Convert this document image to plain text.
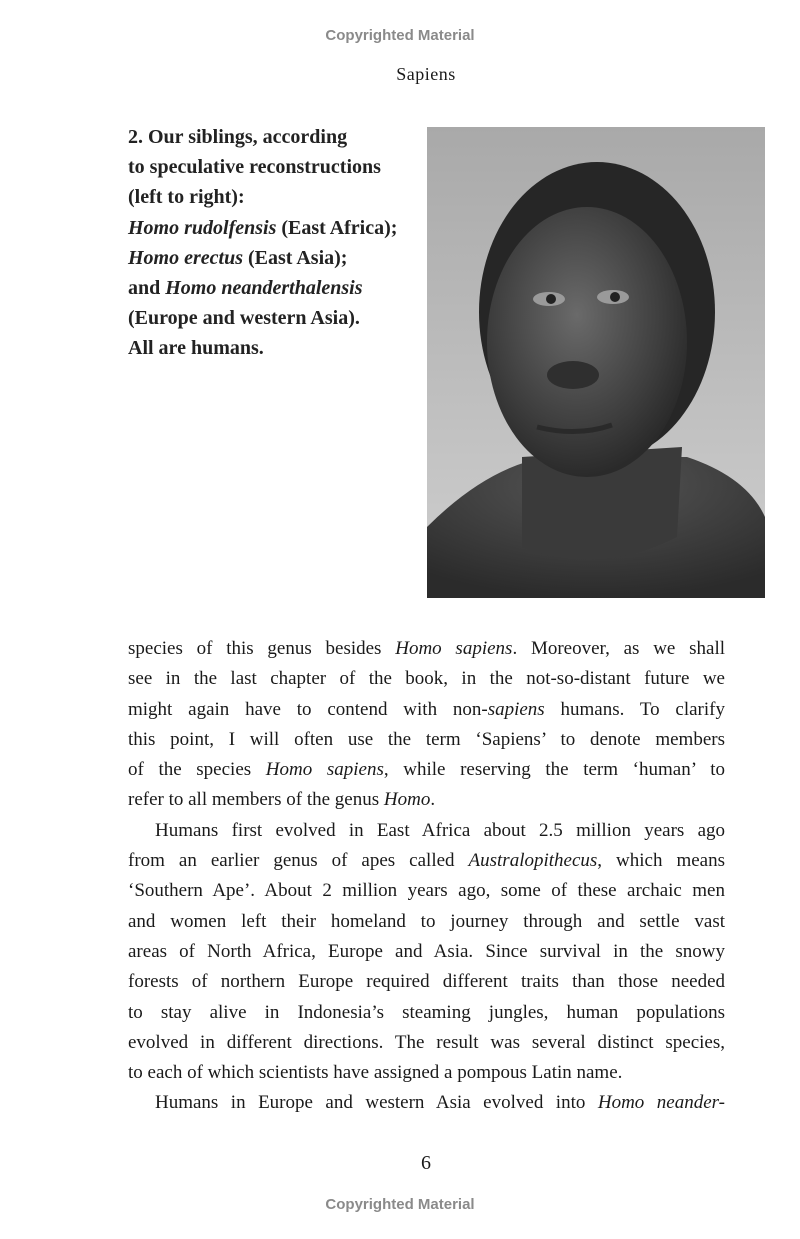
Copyrighted Material
Sapiens
2. Our siblings, according
to speculative reconstructions
(left to right):
Homo rudolfensis (East Africa);
Homo erectus (East Asia);
and Homo neanderthalensis
(Europe and western Asia).
All are humans.
species of this genus besides Homo sapiens. Moreover, as we shall
see in the last chapter of the book, in the not-so-distant future we
might again have to contend with non-sapiens humans. To clarify
this point, I will often use the term ‘Sapiens’ to denote members
of the species Homo sapiens, while reserving the term ‘human’ to
refer to all members of the genus Homo.
Humans first evolved in East Africa about 2.5 million years ago
from an earlier genus of apes called Australopithecus, which means
‘Southern Ape’. About 2 million years ago, some of these archaic men
and women left their homeland to journey through and settle vast
areas of North Africa, Europe and Asia. Since survival in the snowy
forests of northern Europe required different traits than those needed
to stay alive in Indonesia’s steaming jungles, human populations
evolved in different directions. The result was several distinct species,
to each of which scientists have assigned a pompous Latin name.
Humans in Europe and western Asia evolved into Homo neander-
6
Copyrighted Material
